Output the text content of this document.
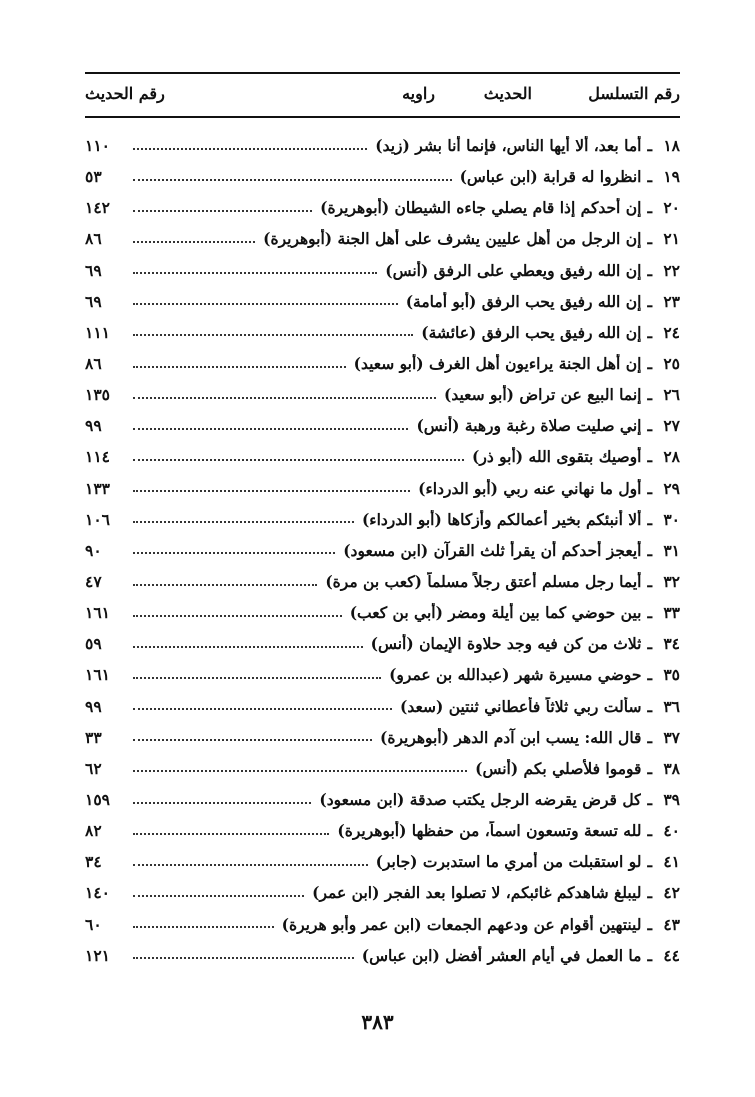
رقم التسلسل
الحديث
راويه
رقم الحديث
١٨
ـ
أما بعد، ألا أيها الناس، فإنما أنا بشر (زيد)
١١٠
١٩
ـ
انظروا له قرابة (ابن عباس)
٥٣
٢٠
ـ
إن أحدكم إذا قام يصلي جاءه الشيطان (أبوهريرة)
١٤٢
٢١
ـ
إن الرجل من أهل عليين يشرف على أهل الجنة (أبوهريرة)
٨٦
٢٢
ـ
إن الله رفيق ويعطي على الرفق (أنس)
٦٩
٢٣
ـ
إن الله رفيق يحب الرفق (أبو أمامة)
٦٩
٢٤
ـ
إن الله رفيق يحب الرفق (عائشة)
١١١
٢٥
ـ
إن أهل الجنة يراءيون أهل الغرف (أبو سعيد)
٨٦
٢٦
ـ
إنما البيع عن تراض (أبو سعيد)
١٣٥
٢٧
ـ
إني صليت صلاة رغبة ورهبة (أنس)
٩٩
٢٨
ـ
أوصيك بتقوى الله (أبو ذر)
١١٤
٢٩
ـ
أول ما نهاني عنه ربي (أبو الدرداء)
١٣٣
٣٠
ـ
ألا أنبئكم بخير أعمالكم وأزكاها (أبو الدرداء)
١٠٦
٣١
ـ
أيعجز أحدكم أن يقرأ ثلث القرآن (ابن مسعود)
٩٠
٣٢
ـ
أيما رجل مسلم أعتق رجلاً مسلماً (كعب بن مرة)
٤٧
٣٣
ـ
بين حوضي كما بين أيلة ومضر (أبي بن كعب)
١٦١
٣٤
ـ
ثلاث من كن فيه وجد حلاوة الإيمان (أنس)
٥٩
٣٥
ـ
حوضي مسيرة شهر (عبدالله بن عمرو)
١٦١
٣٦
ـ
سألت ربي ثلاثاً فأعطاني ثنتين (سعد)
٩٩
٣٧
ـ
قال الله: يسب ابن آدم الدهر (أبوهريرة)
٣٣
٣٨
ـ
قوموا فلأصلي بكم (أنس)
٦٢
٣٩
ـ
كل قرض يقرضه الرجل يكتب صدقة (ابن مسعود)
١٥٩
٤٠
ـ
لله تسعة وتسعون اسماً، من حفظها (أبوهريرة)
٨٢
٤١
ـ
لو استقبلت من أمري ما استدبرت (جابر)
٣٤
٤٢
ـ
ليبلغ شاهدكم غائبكم، لا تصلوا بعد الفجر (ابن عمر)
١٤٠
٤٣
ـ
لينتهين أقوام عن ودعهم الجمعات (ابن عمر وأبو هريرة)
٦٠
٤٤
ـ
ما العمل في أيام العشر أفضل (ابن عباس)
١٢١
٣٨٣
